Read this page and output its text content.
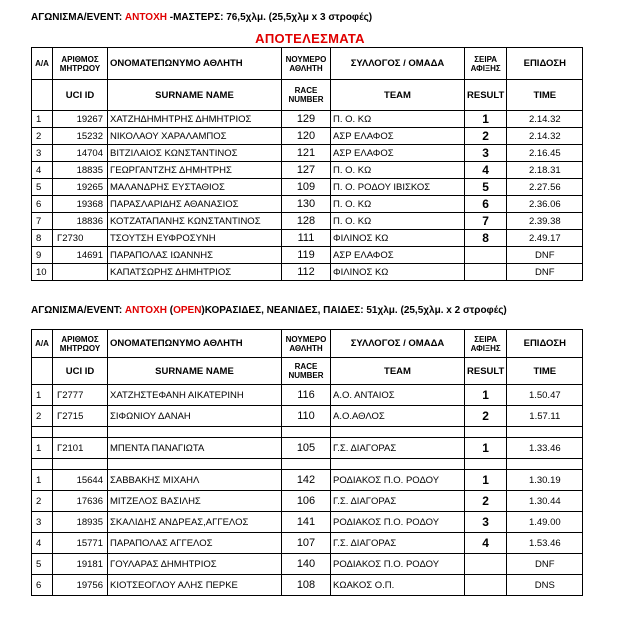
ΑΓΩΝΙΣΜΑ/EVENT: ΑΝΤΟΧΗ -ΜΑΣΤΕΡΣ: 76,5χλμ. (25,5χλμ x 3 στροφές)
ΑΠΟΤΕΛΕΣΜΑΤΑ
Α/Α	ΑΡΙΘΜΟΣ ΜΗΤΡΩΟΥ	ΟΝΟΜΑΤΕΠΩΝΥΜΟ ΑΘΛΗΤΗ	ΝΟΥΜΕΡΟ ΑΘΛΗΤΗ	ΣΥΛΛΟΓΟΣ / ΟΜΑΔΑ	ΣΕΙΡΑ ΑΦΙΞΗΣ	ΕΠΙΔΟΣΗ
	UCI ID	SURNAME NAME	RACE NUMBER	TEAM	RESULT	TIME
1	19267	ΧΑΤΖΗΔΗΜΗΤΡΗΣ ΔΗΜΗΤΡΙΟΣ	129	Π. Ο. ΚΩ	1	2.14.32
2	15232	ΝΙΚΟΛΑΟΥ ΧΑΡΑΛΑΜΠΟΣ	120	ΑΣΡ ΕΛΑΦΟΣ	2	2.14.32
3	14704	ΒΙΤΖΙΛΑΙΟΣ ΚΩΝΣΤΑΝΤΙΝΟΣ	121	ΑΣΡ ΕΛΑΦΟΣ	3	2.16.45
4	18835	ΓΕΩΡΓΑΝΤΖΗΣ ΔΗΜΗΤΡΗΣ	127	Π. Ο. ΚΩ	4	2.18.31
5	19265	ΜΑΛΑΝΔΡΗΣ ΕΥΣΤΑΘΙΟΣ	109	Π. Ο. ΡΟΔΟΥ ΙΒΙΣΚΟΣ	5	2.27.56
6	19368	ΠΑΡΑΣΛΑΡΙΔΗΣ ΑΘΑΝΑΣΙΟΣ	130	Π. Ο. ΚΩ	6	2.36.06
7	18836	ΚΟΤΖΑΤΑΠΑΝΗΣ ΚΩΝΣΤΑΝΤΙΝΟΣ	128	Π. Ο. ΚΩ	7	2.39.38
8	Γ2730	ΤΣΟΥΤΣΗ ΕΥΦΡΟΣΥΝΗ	111	ΦΙΛΙΝΟΣ ΚΩ	8	2.49.17
9	14691	ΠΑΡΑΠΟΛΑΣ ΙΩΑΝΝΗΣ	119	ΑΣΡ ΕΛΑΦΟΣ		DNF
10		ΚΑΠΑΤΣΩΡΗΣ ΔΗΜΗΤΡΙΟΣ	112	ΦΙΛΙΝΟΣ ΚΩ		DNF
ΑΓΩΝΙΣΜΑ/EVENT: ΑΝΤΟΧΗ (OPEN)ΚΟΡΑΣΙΔΕΣ, ΝΕΑΝΙΔΕΣ, ΠΑΙΔΕΣ: 51χλμ. (25,5χλμ. x 2 στροφές)
Α/Α	ΑΡΙΘΜΟΣ ΜΗΤΡΩΟΥ	ΟΝΟΜΑΤΕΠΩΝΥΜΟ ΑΘΛΗΤΗ	ΝΟΥΜΕΡΟ ΑΘΛΗΤΗ	ΣΥΛΛΟΓΟΣ / ΟΜΑΔΑ	ΣΕΙΡΑ ΑΦΙΞΗΣ	ΕΠΙΔΟΣΗ
	UCI ID	SURNAME NAME	RACE NUMBER	TEAM	RESULT	TIME
1	Γ2777	ΧΑΤΖΗΣΤΕΦΑΝΗ ΑΙΚΑΤΕΡΙΝΗ	116	Α.Ο. ΑΝΤΑΙΟΣ	1	1.50.47
2	Γ2715	ΣΙΦΩΝΙΟΥ ΔΑΝΑΗ	110	Α.Ο.ΑΘΛΟΣ	2	1.57.11

1	Γ2101	ΜΠΕΝΤΑ ΠΑΝΑΓΙΩΤΑ	105	Γ.Σ. ΔΙΑΓΟΡΑΣ	1	1.33.46

1	15644	ΣΑΒΒΑΚΗΣ ΜΙΧΑΗΛ	142	ΡΟΔΙΑΚΟΣ Π.Ο. ΡΟΔΟΥ	1	1.30.19
2	17636	ΜΙΤΖΕΛΟΣ ΒΑΣΙΛΗΣ	106	Γ.Σ. ΔΙΑΓΟΡΑΣ	2	1.30.44
3	18935	ΣΚΑΛΙΔΗΣ ΑΝΔΡΕΑΣ,ΑΓΓΕΛΟΣ	141	ΡΟΔΙΑΚΟΣ Π.Ο. ΡΟΔΟΥ	3	1.49.00
4	15771	ΠΑΡΑΠΟΛΑΣ ΑΓΓΕΛΟΣ	107	Γ.Σ. ΔΙΑΓΟΡΑΣ	4	1.53.46
5	19181	ΓΟΥΛΑΡΑΣ ΔΗΜΗΤΡΙΟΣ	140	ΡΟΔΙΑΚΟΣ Π.Ο. ΡΟΔΟΥ		DNF
6	19756	ΚΙΟΤΣΕΟΓΛΟΥ ΑΛΗΣ ΠΕΡΚΕ	108	ΚΩΑΚΟΣ Ο.Π.		DNS
